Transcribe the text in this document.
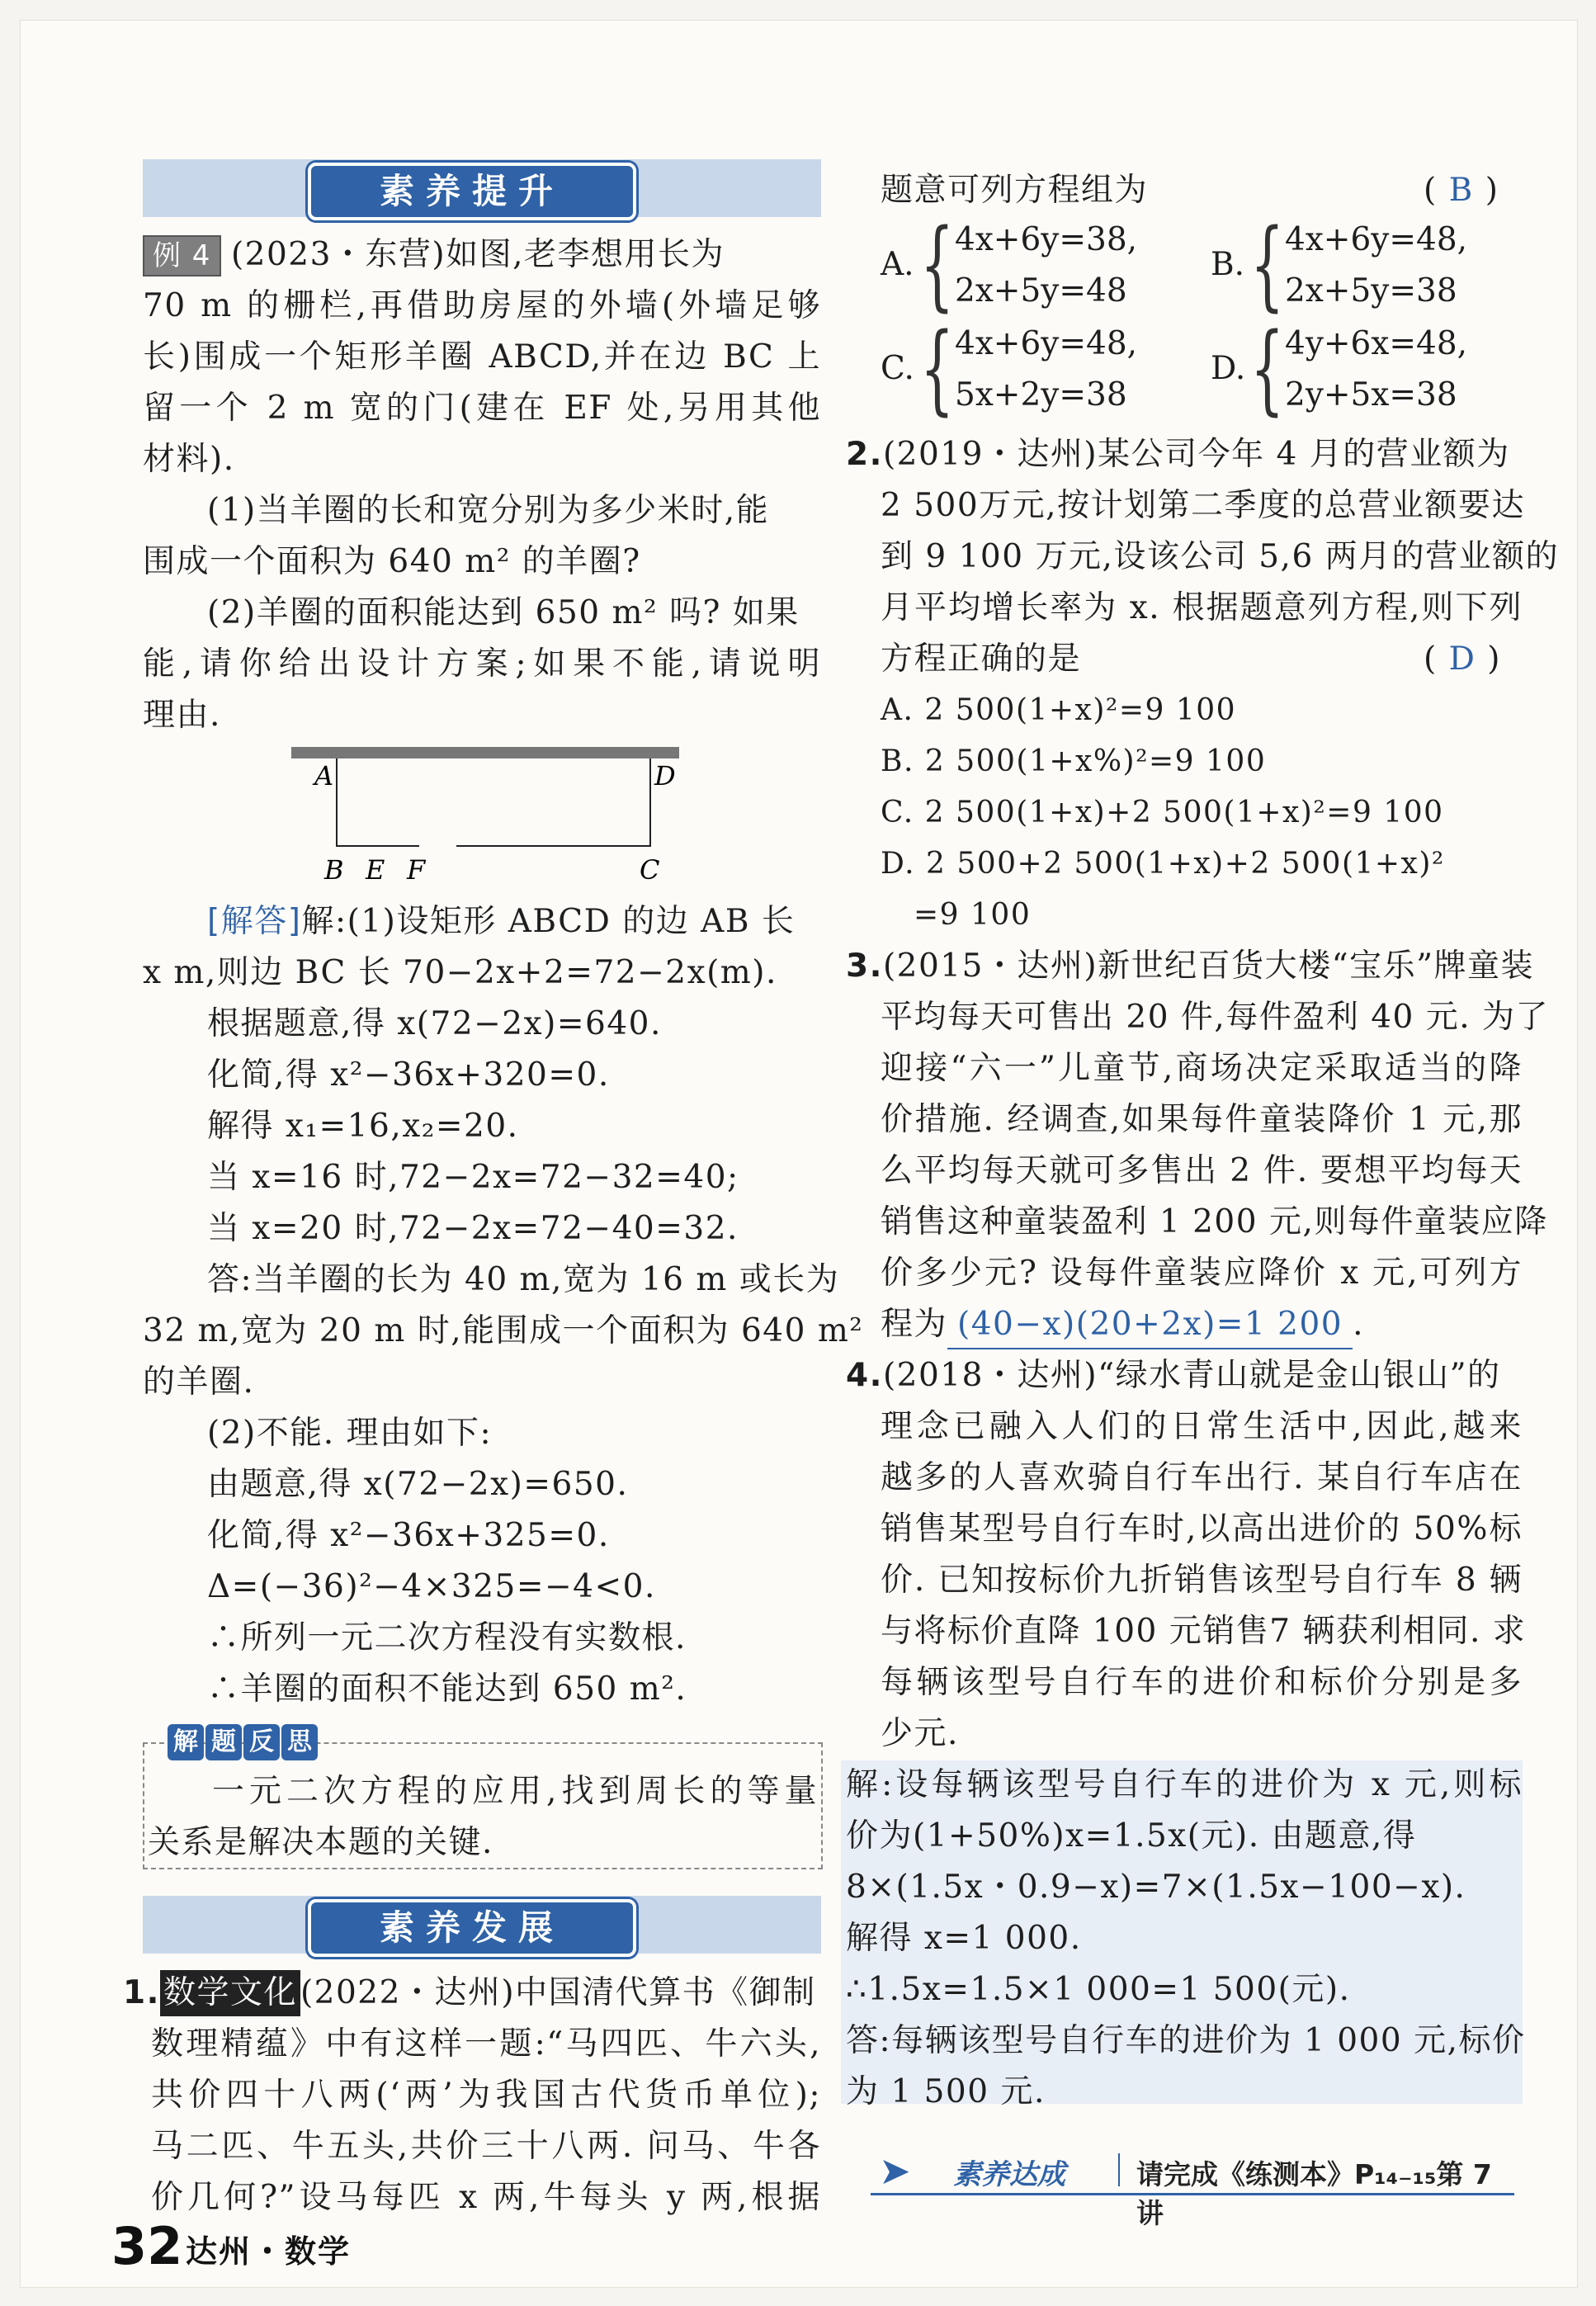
素养提升
例 4 (2023・东营)如图,老李想用长为
70 m 的栅栏,再借助房屋的外墙(外墙足够
长)围成一个矩形羊圈 ABCD,并在边 BC 上
留一个 2 m 宽的门(建在 EF 处,另用其他
材料).
(1)当羊圈的长和宽分别为多少米时,能
围成一个面积为 640 m² 的羊圈?
(2)羊圈的面积能达到 650 m² 吗? 如果
能,请你给出设计方案;如果不能,请说明
理由.
A	D
B E F	C
[解答]解:(1)设矩形 ABCD 的边 AB 长
x m,则边 BC 长 70−2x+2=72−2x(m).
根据题意,得 x(72−2x)=640.
化简,得 x²−36x+320=0.
解得 x₁=16,x₂=20.
当 x=16 时,72−2x=72−32=40;
当 x=20 时,72−2x=72−40=32.
答:当羊圈的长为 40 m,宽为 16 m 或长为
32 m,宽为 20 m 时,能围成一个面积为 640 m²
的羊圈.
(2)不能. 理由如下:
由题意,得 x(72−2x)=650.
化简,得 x²−36x+325=0.
Δ=(−36)²−4×325=−4<0.
∴所列一元二次方程没有实数根.
∴羊圈的面积不能达到 650 m².
解 题 反 思
一元二次方程的应用,找到周长的等量
关系是解决本题的关键.
素养发展
1. 数学文化 (2022・达州)中国清代算书《御制
数理精蕴》中有这样一题:“马四匹、牛六头,
共价四十八两(‘两’为我国古代货币单位);
马二匹、牛五头,共价三十八两. 问马、牛各
价几何?”设马每匹 x 两,牛每头 y 两,根据
32 达州・数学
题意可列方程组为	( B )
A. { 4x+6y=38,
2x+5y=48
B. { 4x+6y=48,
2x+5y=38
C. { 4x+6y=48,
5x+2y=38
D. { 4y+6x=48,
2y+5x=38
2.(2019・达州)某公司今年 4 月的营业额为
2 500万元,按计划第二季度的总营业额要达
到 9 100 万元,设该公司 5,6 两月的营业额的
月平均增长率为 x. 根据题意列方程,则下列
方程正确的是	( D )
A. 2 500(1+x)²=9 100
B. 2 500(1+x%)²=9 100
C. 2 500(1+x)+2 500(1+x)²=9 100
D. 2 500+2 500(1+x)+2 500(1+x)²
=9 100
3.(2015・达州)新世纪百货大楼“宝乐”牌童装
平均每天可售出 20 件,每件盈利 40 元. 为了
迎接“六一”儿童节,商场决定采取适当的降
价措施. 经调查,如果每件童装降价 1 元,那
么平均每天就可多售出 2 件. 要想平均每天
销售这种童装盈利 1 200 元,则每件童装应降
价多少元? 设每件童装应降价 x 元,可列方
程为 (40−x)(20+2x)=1 200 .
4.(2018・达州)“绿水青山就是金山银山”的
理念已融入人们的日常生活中,因此,越来
越多的人喜欢骑自行车出行. 某自行车店在
销售某型号自行车时,以高出进价的 50%标
价. 已知按标价九折销售该型号自行车 8 辆
与将标价直降 100 元销售7 辆获利相同. 求
每辆该型号自行车的进价和标价分别是多
少元.
解:设每辆该型号自行车的进价为 x 元,则标
价为(1+50%)x=1.5x(元). 由题意,得
8×(1.5x・0.9−x)=7×(1.5x−100−x).
解得 x=1 000.
∴1.5x=1.5×1 000=1 500(元).
答:每辆该型号自行车的进价为 1 000 元,标价
为 1 500 元.
➤ 素养达成	请完成《练测本》P₁₄₋₁₅第 7 讲
